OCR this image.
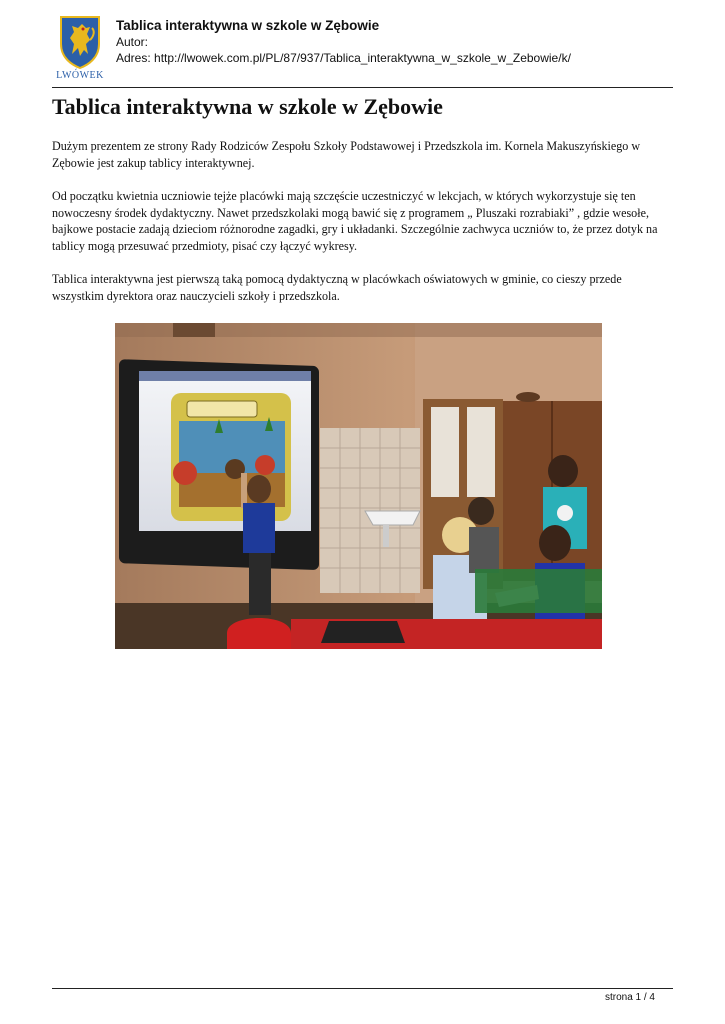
LWÓWEK
Tablica interaktywna w szkole w Zębowie
Autor:
Adres: http://lwowek.com.pl/PL/87/937/Tablica_interaktywna_w_szkole_w_Zebowie/k/
Tablica interaktywna w szkole w Zębowie

Dużym prezentem ze strony Rady Rodziców Zespołu Szkoły Podstawowej i Przedszkola im. Kornela Makuszyńskiego w Zębowie jest zakup tablicy interaktywnej.

Od początku kwietnia uczniowie tejże placówki mają szczęście uczestniczyć w lekcjach, w których wykorzystuje się ten nowoczesny środek dydaktyczny. Nawet przedszkolaki mogą bawić się z programem „ Pluszaki rozrabiaki” , gdzie wesołe, bajkowe postacie zadają dzieciom różnorodne zagadki, gry i układanki. Szczególnie zachwyca uczniów to, że przez dotyk na tablicy mogą przesuwać przedmioty, pisać czy łączyć wykresy.

Tablica interaktywna jest pierwszą taką pomocą dydaktyczną w placówkach oświatowych w gminie, co cieszy przede wszystkim dyrektora oraz nauczycieli szkoły i przedszkola.

strona 1 / 4
